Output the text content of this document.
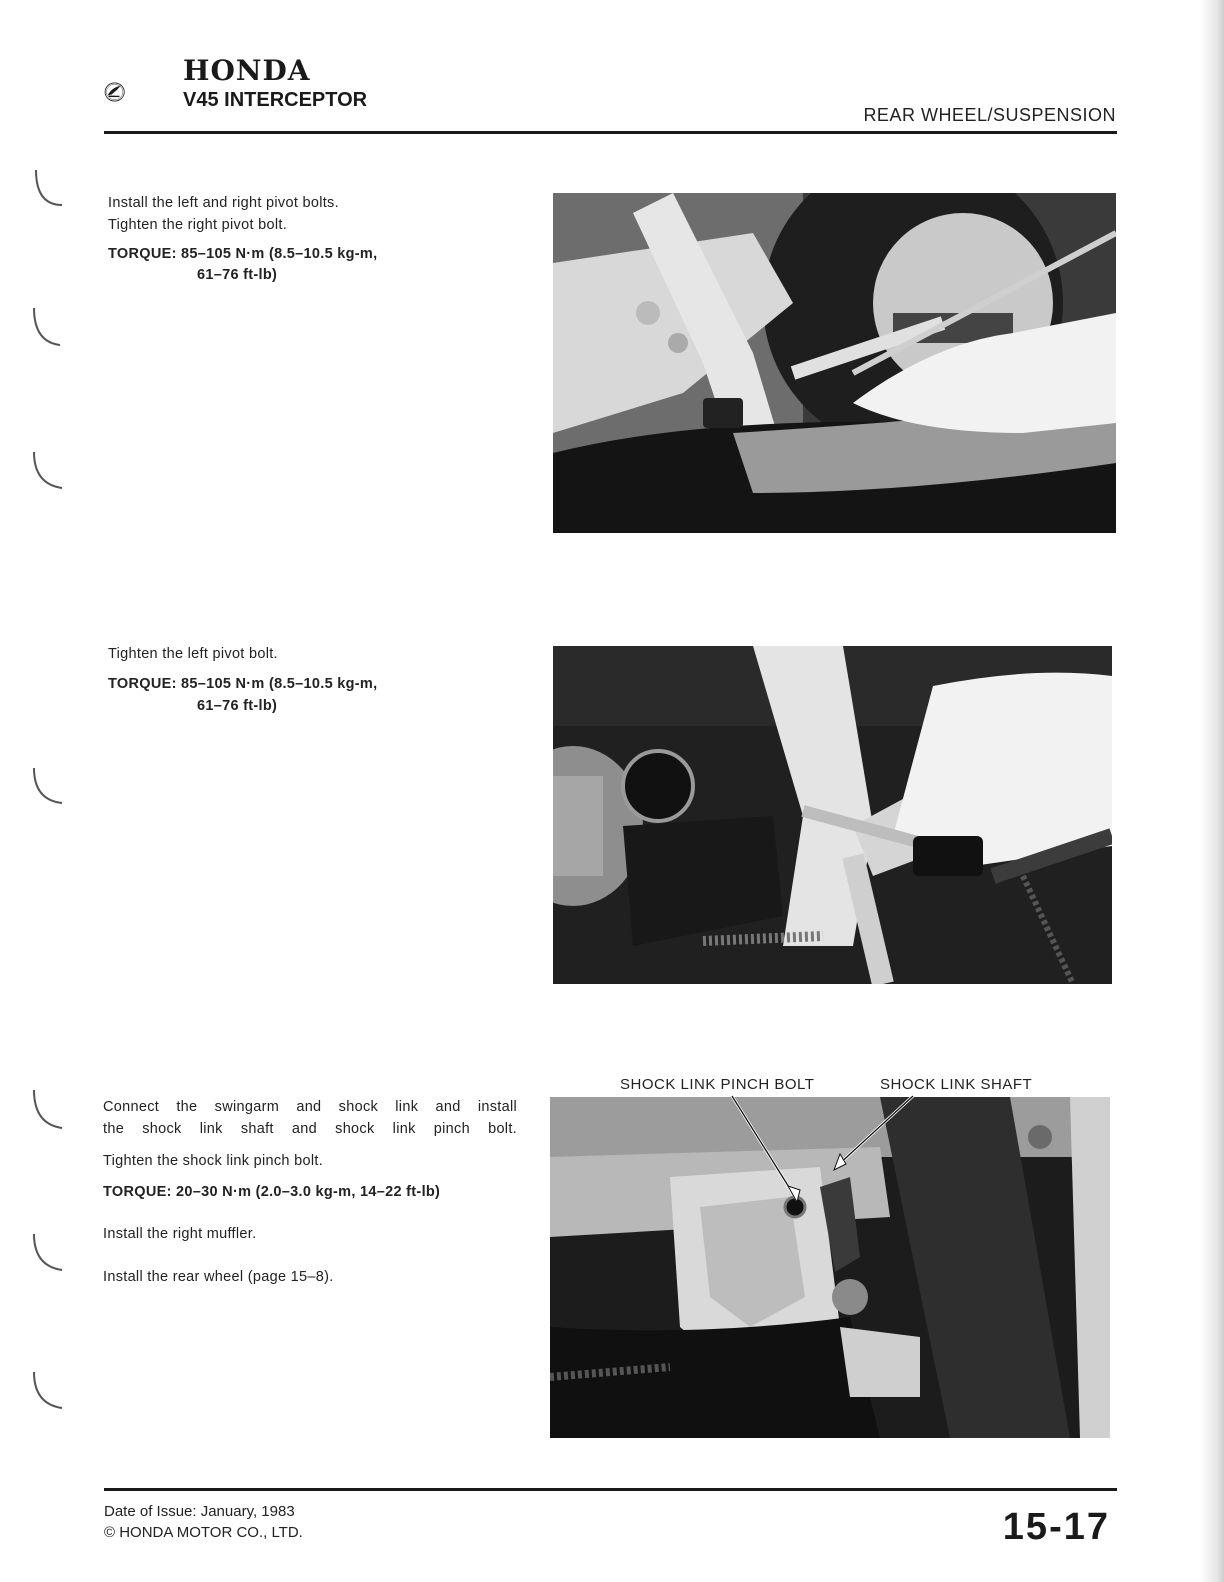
HONDA
V45 INTERCEPTOR
REAR WHEEL/SUSPENSION
Install the left and right pivot bolts.
Tighten the right pivot bolt.
TORQUE: 85–105 N·m (8.5–10.5 kg-m,
61–76 ft-lb)
Tighten the left pivot bolt.
TORQUE: 85–105 N·m (8.5–10.5 kg-m,
61–76 ft-lb)
SHOCK LINK PINCH BOLT	SHOCK LINK SHAFT
Connect the swingarm and shock link and install
the shock link shaft and shock link pinch bolt.
Tighten the shock link pinch bolt.
TORQUE: 20–30 N·m (2.0–3.0 kg-m, 14–22 ft-lb)
Install the right muffler.
Install the rear wheel (page 15–8).
Date of Issue: January, 1983
© HONDA MOTOR CO., LTD.	15-17
